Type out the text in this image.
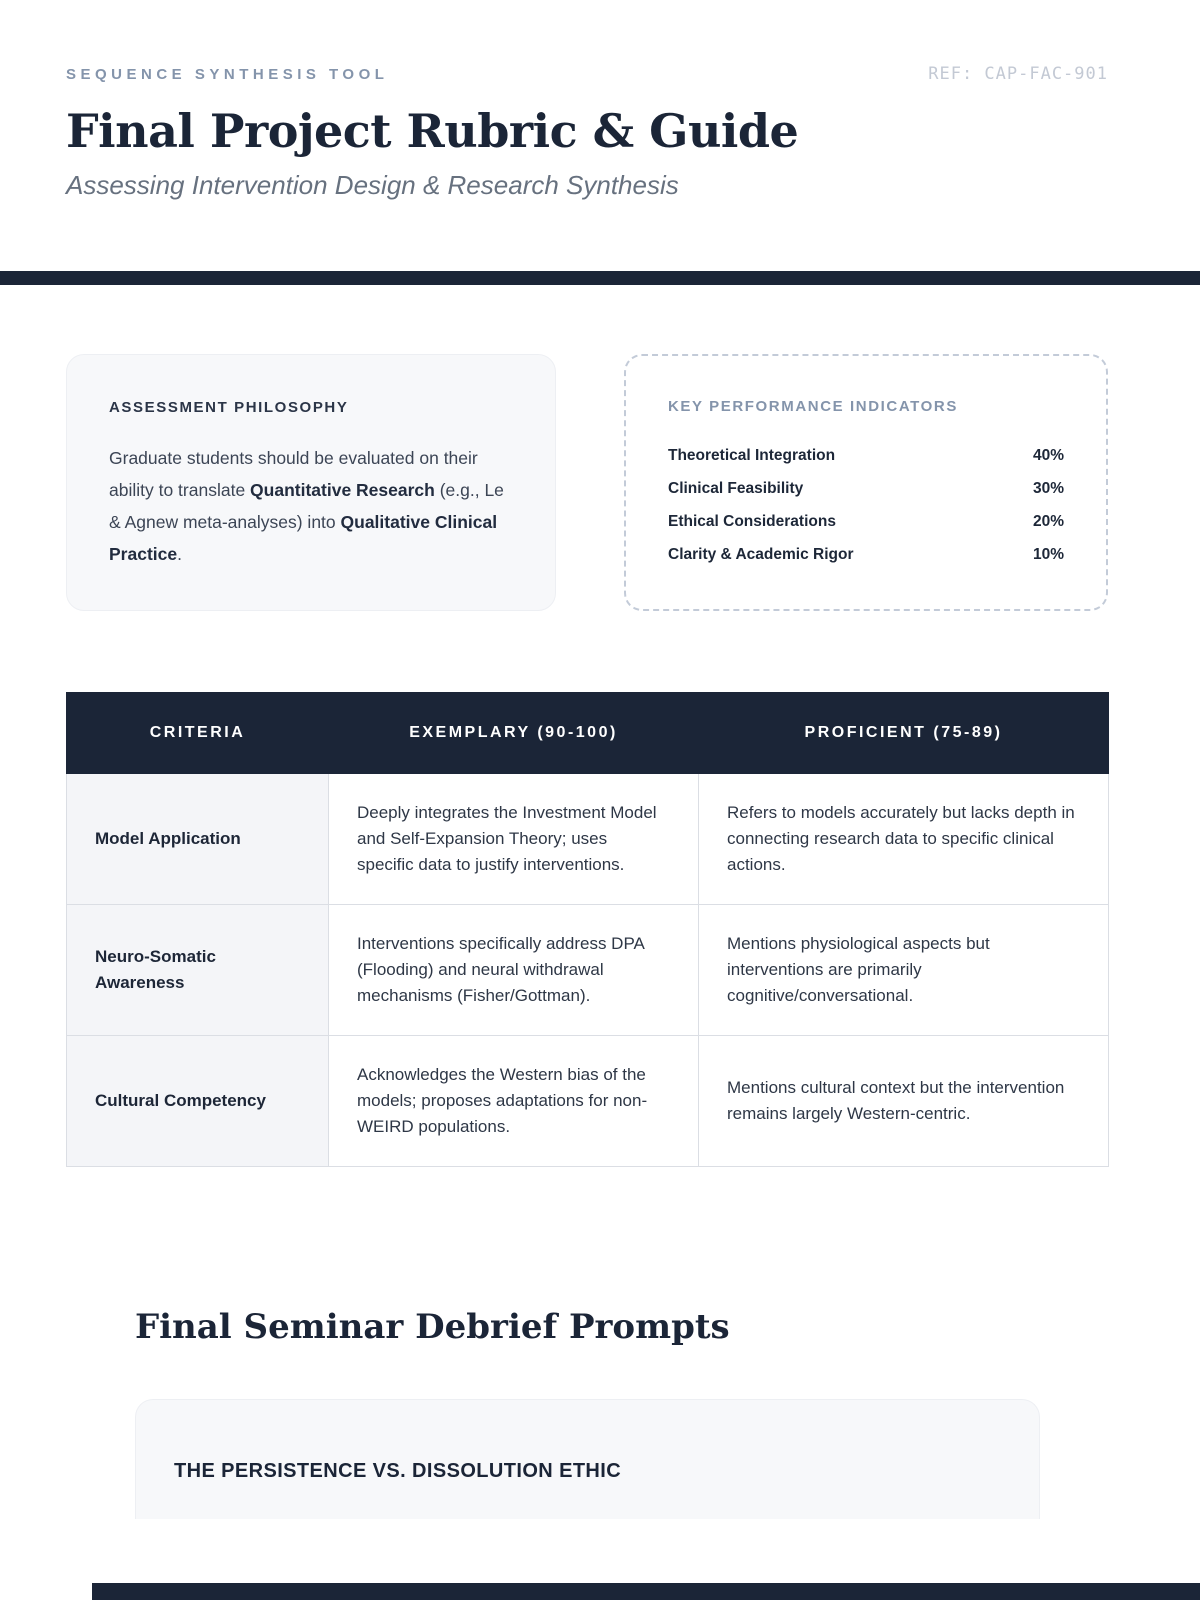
SEQUENCE SYNTHESIS TOOL	REF: CAP-FAC-901
Final Project Rubric & Guide

Assessing Intervention Design & Research Synthesis

ASSESSMENT PHILOSOPHY

Graduate students should be evaluated on their ability to translate Quantitative Research (e.g., Le & Agnew meta-analyses) into Qualitative Clinical Practice.

KEY PERFORMANCE INDICATORS
Theoretical Integration	40%
Clinical Feasibility	30%
Ethical Considerations	20%
Clarity & Academic Rigor	10%
CRITERIA	EXEMPLARY (90-100)	PROFICIENT (75-89)
Model Application	Deeply integrates the Investment Model and Self-Expansion Theory; uses specific data to justify interventions.	Refers to models accurately but lacks depth in connecting research data to specific clinical actions.
Neuro-Somatic Awareness	Interventions specifically address DPA (Flooding) and neural withdrawal mechanisms (Fisher/Gottman).	Mentions physiological aspects but interventions are primarily cognitive/conversational.
Cultural Competency	Acknowledges the Western bias of the models; proposes adaptations for non-WEIRD populations.	Mentions cultural context but the intervention remains largely Western-centric.
Final Seminar Debrief Prompts
THE PERSISTENCE VS. DISSOLUTION ETHIC
